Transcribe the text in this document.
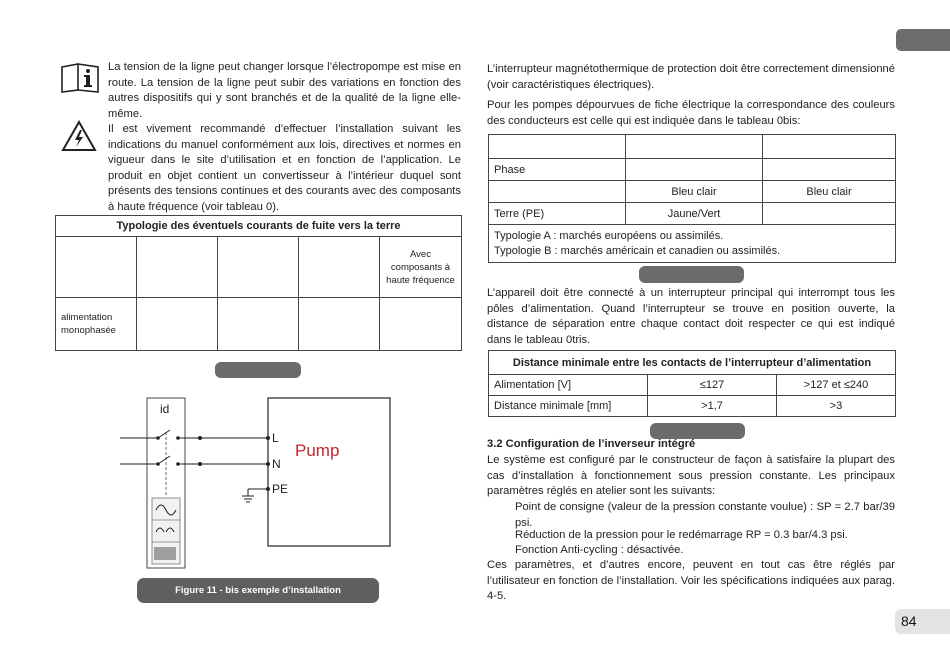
84
La tension de la ligne peut changer lorsque l’électropompe est mise en route. La tension de la ligne peut subir des variations en fonction des autres dispositifs qui y sont branchés et de la qualité de la ligne elle-même.
Il est vivement recommandé d’effectuer l’installation suivant les indications du manuel conformément aux lois, directives et normes en vigueur dans le site d’utilisation et en fonction de l’application. Le produit en objet contient un convertisseur à l’intérieur duquel sont présents des tensions continues et des courants avec des composants à haute fréquence (voir tableau 0).
Typologie des éventuels courants de fuite vers la terre				
				Avec composants à haute fréquence
alimentation monophasée				
id
L
N
PE
Pump
Figure 11 - bis exemple d’installation
L’interrupteur magnétothermique de protection doit être correctement dimensionné (voir caractéristiques électriques).
Pour les pompes dépourvues de fiche électrique la correspondance des couleurs des conducteurs est celle qui est indiquée dans le tableau 0bis:

Phase		
	Bleu clair	Bleu clair
Terre (PE)	Jaune/Vert	

Typologie A : marchés européens ou assimilés.
Typologie B : marchés américain et canadien ou assimilés.		
L’appareil doit être connecté à un interrupteur principal qui interrompt tous les pôles d’alimentation. Quand l’interrupteur se trouve en position ouverte, la distance de séparation entre chaque contact doit respecter ce qui est indiqué dans le tableau 0tris.
Distance minimale entre les contacts de l’interrupteur d’alimentation		
Alimentation [V]	≤127	>127 et ≤240
Distance minimale [mm]	>1,7	>3
3.2 Configuration de l’inverseur intégré
Le système est configuré par le constructeur de façon à satisfaire la plupart des cas d’installation à fonctionnement sous pression constante. Les principaux paramètres réglés en atelier sont les suivants:
Point de consigne (valeur de la pression constante voulue) : SP = 2.7 bar/39 psi.
Réduction de la pression pour le redémarrage RP = 0.3 bar/4.3 psi.
Fonction Anti-cycling : désactivée.
Ces paramètres, et d’autres encore, peuvent en tout cas être réglés par l’utilisateur en fonction de l’installation. Voir les spécifications indiquées aux parag. 4-5.
